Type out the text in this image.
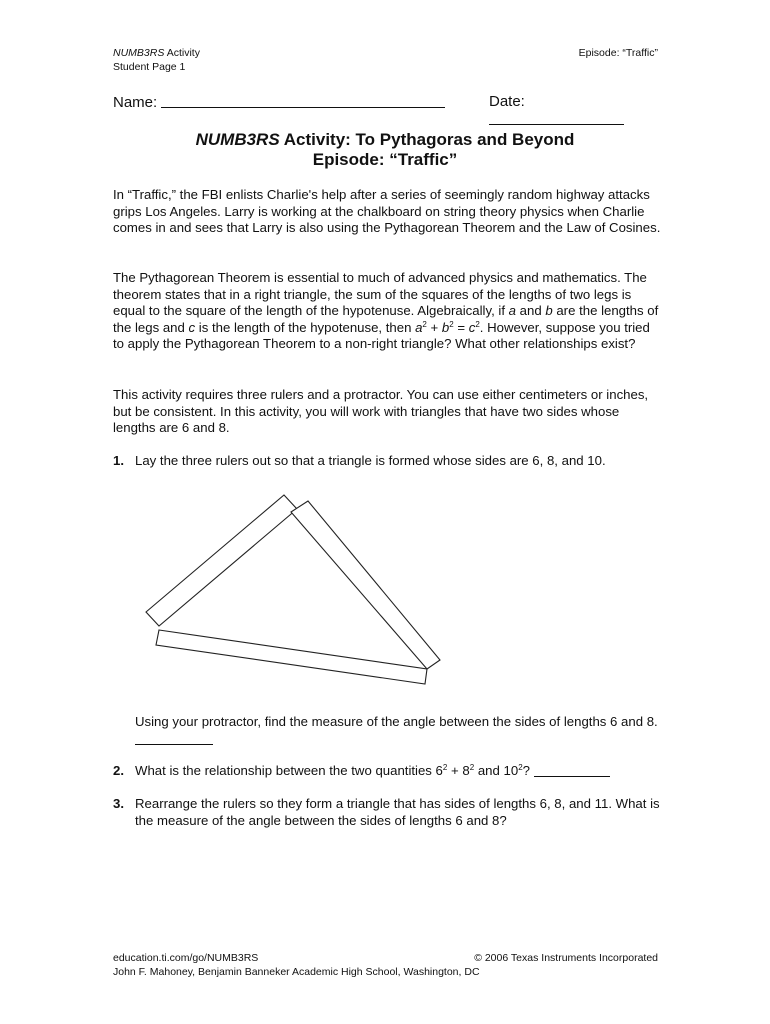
NUMB3RS Activity
Student Page 1
Episode: “Traffic”
Name:	Date:
NUMB3RS Activity: To Pythagoras and Beyond
Episode: “Traffic”

In “Traffic,” the FBI enlists Charlie's help after a series of seemingly random highway attacks grips Los Angeles. Larry is working at the chalkboard on string theory physics when Charlie comes in and sees that Larry is also using the Pythagorean Theorem and the Law of Cosines.

The Pythagorean Theorem is essential to much of advanced physics and mathematics. The theorem states that in a right triangle, the sum of the squares of the lengths of two legs is equal to the square of the length of the hypotenuse. Algebraically, if a and b are the lengths of the legs and c is the length of the hypotenuse, then $a^2 + b^2 = c^2$. However, suppose you tried to apply the Pythagorean Theorem to a non-right triangle? What other relationships exist?

This activity requires three rulers and a protractor. You can use either centimeters or inches, but be consistent. In this activity, you will work with triangles that have two sides whose lengths are 6 and 8.

1. Lay the three rulers out so that a triangle is formed whose sides are 6, 8, and 10.
Using your protractor, find the measure of the angle between the sides of lengths 6 and 8.
2. What is the relationship between the two quantities $6^2 + 8^2$ and $10^2$?
3. Rearrange the rulers so they form a triangle that has sides of lengths 6, 8, and 11. What is the measure of the angle between the sides of lengths 6 and 8?
education.ti.com/go/NUMB3RS	© 2006 Texas Instruments Incorporated
John F. Mahoney, Benjamin Banneker Academic High School, Washington, DC
